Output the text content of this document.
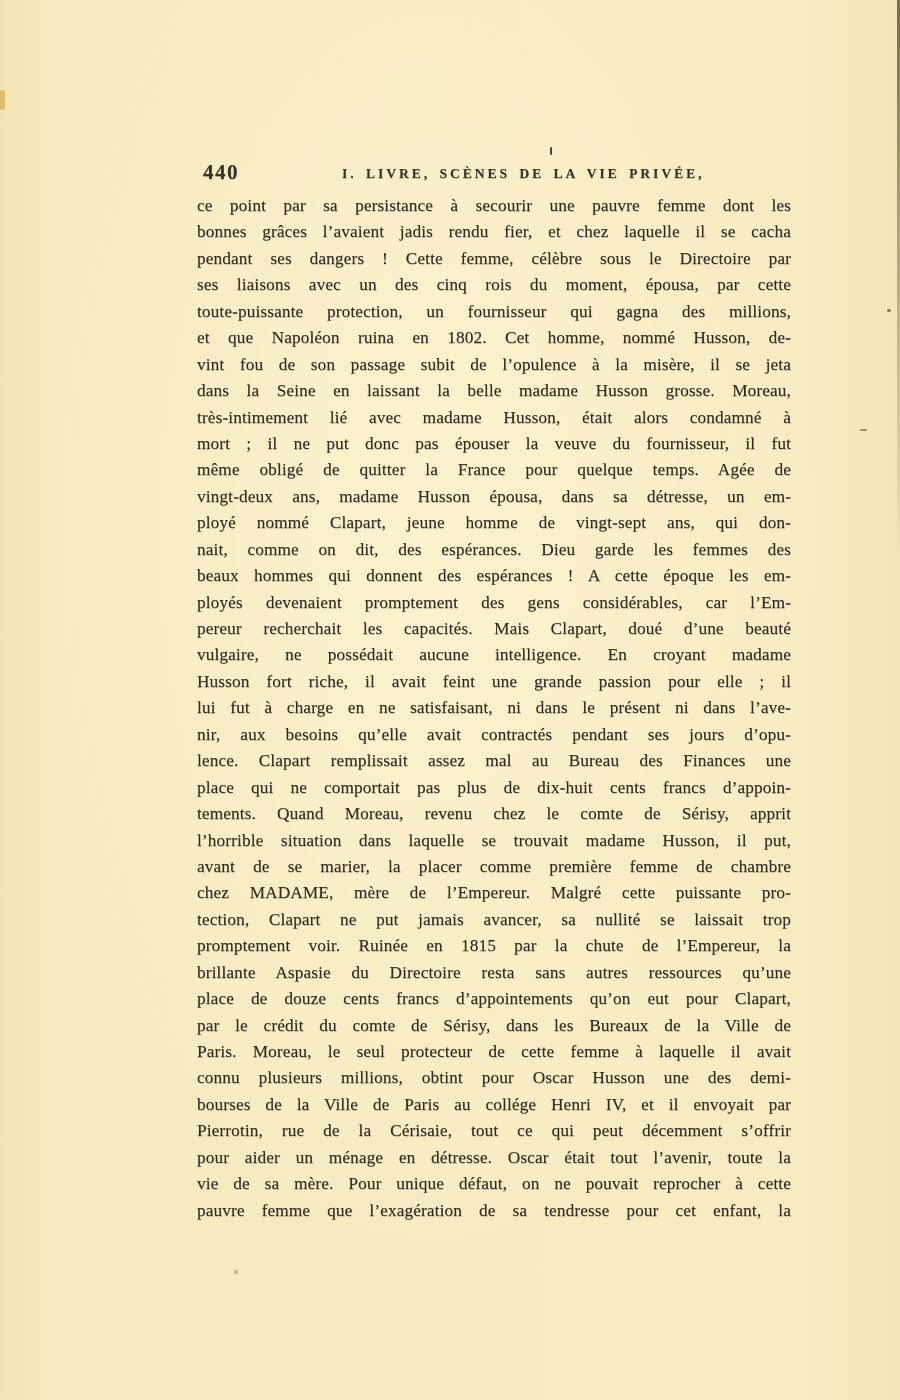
440	I. LIVRE, SCÈNES DE LA VIE PRIVÉE,
ce point par sa persistance à secourir une pauvre femme dont les
bonnes grâces l’avaient jadis rendu fier, et chez laquelle il se cacha
pendant ses dangers ! Cette femme, célèbre sous le Directoire par
ses liaisons avec un des cinq rois du moment, épousa, par cette
toute-puissante protection, un fournisseur qui gagna des millions,
et que Napoléon ruina en 1802. Cet homme, nommé Husson, de-
vint fou de son passage subit de l’opulence à la misère, il se jeta
dans la Seine en laissant la belle madame Husson grosse. Moreau,
très-intimement lié avec madame Husson, était alors condamné à
mort ; il ne put donc pas épouser la veuve du fournisseur, il fut
même obligé de quitter la France pour quelque temps. Agée de
vingt-deux ans, madame Husson épousa, dans sa détresse, un em-
ployé nommé Clapart, jeune homme de vingt-sept ans, qui don-
nait, comme on dit, des espérances. Dieu garde les femmes des
beaux hommes qui donnent des espérances ! A cette époque les em-
ployés devenaient promptement des gens considérables, car l’Em-
pereur recherchait les capacités. Mais Clapart, doué d’une beauté
vulgaire, ne possédait aucune intelligence. En croyant madame
Husson fort riche, il avait feint une grande passion pour elle ; il
lui fut à charge en ne satisfaisant, ni dans le présent ni dans l’ave-
nir, aux besoins qu’elle avait contractés pendant ses jours d’opu-
lence. Clapart remplissait assez mal au Bureau des Finances une
place qui ne comportait pas plus de dix-huit cents francs d’appoin-
tements. Quand Moreau, revenu chez le comte de Sérisy, apprit
l’horrible situation dans laquelle se trouvait madame Husson, il put,
avant de se marier, la placer comme première femme de chambre
chez MADAME, mère de l’Empereur. Malgré cette puissante pro-
tection, Clapart ne put jamais avancer, sa nullité se laissait trop
promptement voir. Ruinée en 1815 par la chute de l’Empereur, la
brillante Aspasie du Directoire resta sans autres ressources qu’une
place de douze cents francs d’appointements qu’on eut pour Clapart,
par le crédit du comte de Sérisy, dans les Bureaux de la Ville de
Paris. Moreau, le seul protecteur de cette femme à laquelle il avait
connu plusieurs millions, obtint pour Oscar Husson une des demi-
bourses de la Ville de Paris au collége Henri IV, et il envoyait par
Pierrotin, rue de la Cérisaie, tout ce qui peut décemment s’offrir
pour aider un ménage en détresse. Oscar était tout l’avenir, toute la
vie de sa mère. Pour unique défaut, on ne pouvait reprocher à cette
pauvre femme que l’exagération de sa tendresse pour cet enfant, la
